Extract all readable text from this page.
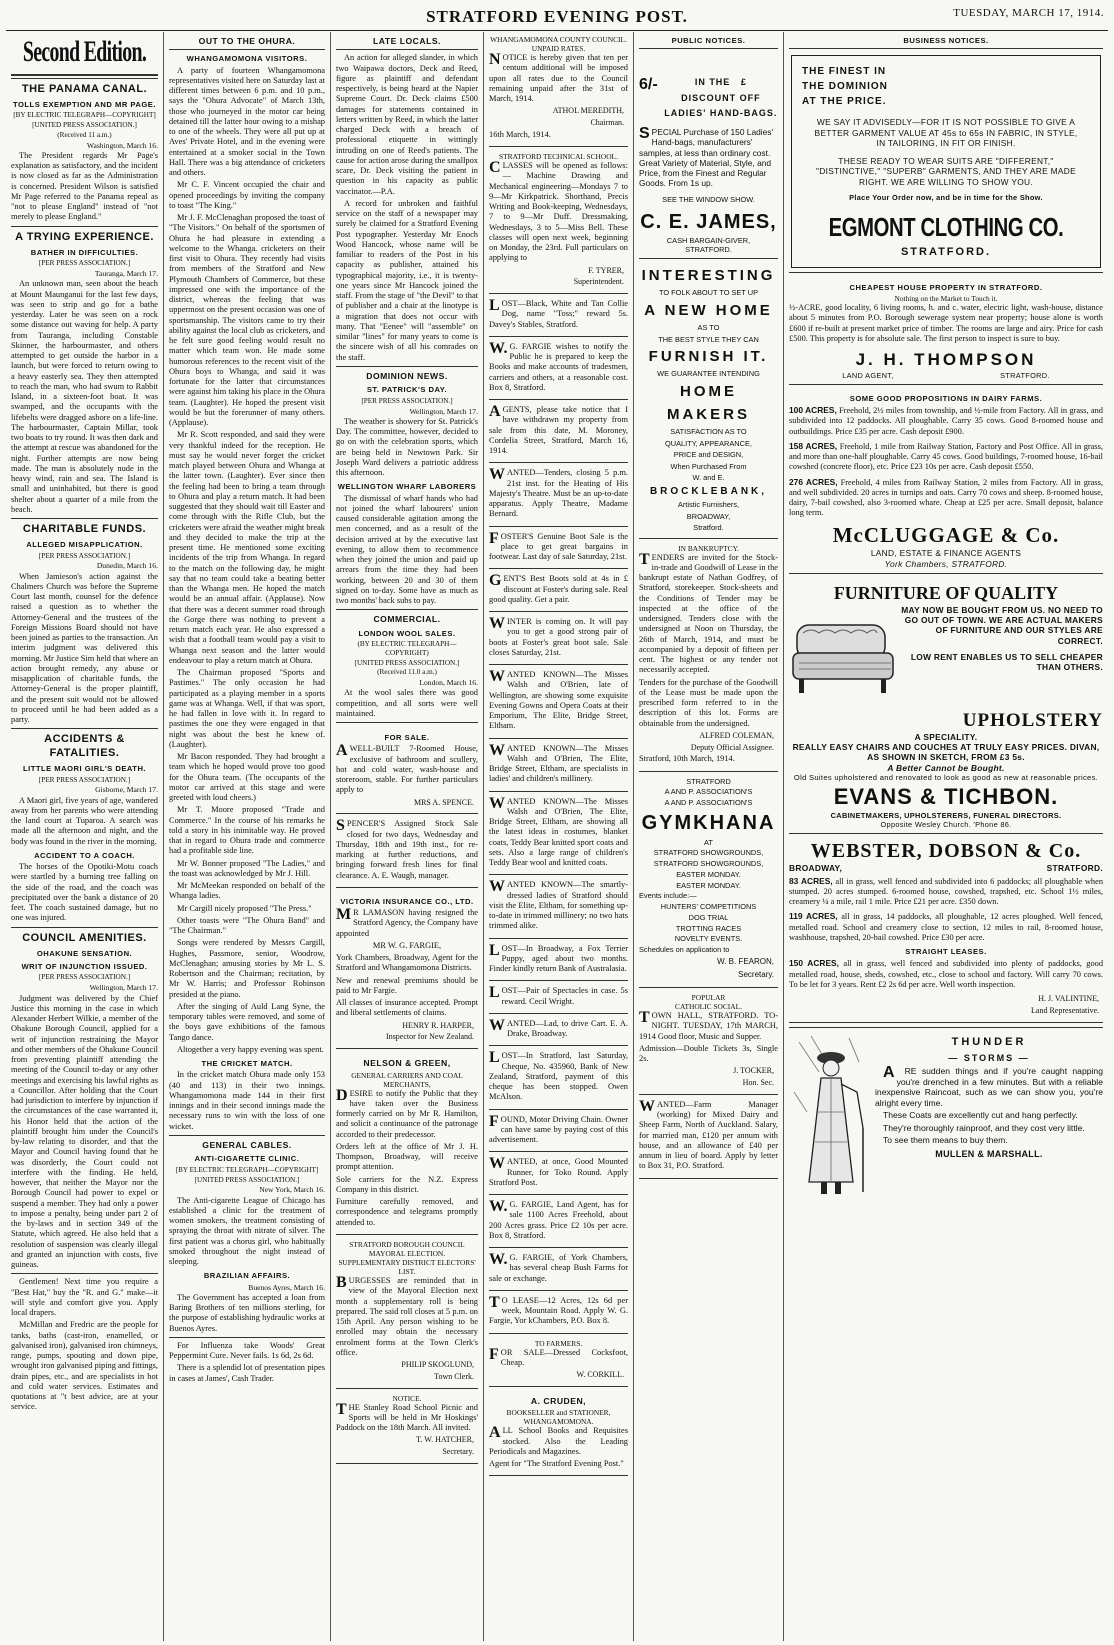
STRATFORD EVENING POST.	TUESDAY, MARCH 17, 1914.
Second Edition.
THE PANAMA CANAL.
TOLLS EXEMPTION AND MR PAGE.
[BY ELECTRIC TELEGRAPH—COPYRIGHT]
[UNITED PRESS ASSOCIATION.]
(Received 11 a.m.)
Washington, March 16.

The President regards Mr Page's explanation as satisfactory, and the incident is now closed as far as the Administration is concerned. President Wilson is satisfied Mr Page referred to the Panama repeal as "not to please England" instead of "not merely to please England."

A TRYING EXPERIENCE.
BATHER IN DIFFICULTIES.
[PER PRESS ASSOCIATION.]
Tauranga, March 17.

An unknown man, seen about the beach at Mount Maunganui for the last few days, was seen to strip and go for a bathe yesterday. Later he was seen on a rock some distance out waving for help. A party from Tauranga, including Constable Skinner, the harbourmaster, and others attempted to get outside the harbor in a launch, but were forced to return owing to a heavy easterly sea. They then attempted to reach the man, who had swum to Rabbit Island, in a sixteen-foot boat. It was swamped, and the occupants with the lifebelts were dragged ashore on a life-line. The harbourmaster, Captain Millar, took two boats to try round. It was then dark and the attempt at rescue was abandoned for the night. Further attempts are now being made. The man is absolutely nude in the heavy wind, rain and sea. The Island is small and uninhabited, but there is good shelter about a quarter of a mile from the beach.

CHARITABLE FUNDS.
ALLEGED MISAPPLICATION.
[PER PRESS ASSOCIATION.]
Dunedin, March 16.

When Jamieson's action against the Chalmers Church was before the Supreme Court last month, counsel for the defence raised a question as to whether the Attorney-General and the trustees of the Foreign Missions Board should not have been joined as parties to the transaction. An interim judgment was delivered this morning. Mr Justice Sim held that where an action brought remedy, any abuse or misapplication of charitable funds, the Attorney-General is the proper plaintiff, and the present suit would not be allowed to proceed until he had been added as a party.

ACCIDENTS & FATALITIES.
LITTLE MAORI GIRL'S DEATH.
[PER PRESS ASSOCIATION.]
Gisborne, March 17.

A Maori girl, five years of age, wandered away from her parents who were attending the land court at Tuparoa. A search was made all the afternoon and night, and the body was found in the river in the morning.

ACCIDENT TO A COACH.

The horses of the Opotiki-Motu coach were startled by a burning tree falling on the side of the road, and the coach was precipitated over the bank a distance of 20 feet. The coach sustained damage, but no one was injured.

COUNCIL AMENITIES.
OHAKUNE SENSATION.
WRIT OF INJUNCTION ISSUED.
[PER PRESS ASSOCIATION.]
Wellington, March 17.

Judgment was delivered by the Chief Justice this morning in the case in which Alexander Herbert Wilkie, a member of the Ohakune Borough Council, applied for a writ of injunction restraining the Mayor and other members of the Ohakune Council from preventing plaintiff attending the meeting of the Council to-day or any other meetings and exercising his lawful rights as a Councillor. After holding that the Court had jurisdiction to interfere by injunction if the circumstances of the case warranted it, his Honor held that the action of the plaintiff brought him under the Council's by-law relating to disorder, and that the Mayor and Council having found that he was disorderly, the Court could not interfere with the finding. He held, however, that neither the Mayor nor the Borough Council had power to expel or suspend a member. They had only a power to impose a penalty, being under part 2 of the by-laws and in section 349 of the Statute, which agreed. He also held that a resolution of suspension was clearly illegal and granted an injunction with costs, five guineas.

Gentlemen! Next time you require a "Best Hat," buy the "R. and G." make—it will style and comfort give you. Apply local drapers.

McMillan and Fredric are the people for tanks, baths (cast-iron, enamelled, or galvanised iron), galvanised iron chimneys, range, pumps, spouting and down pipe, wrought iron galvanised piping and fittings, drain pipes, etc., and are specialists in hot and cold water services. Estimates and quotations at "t best advice, are at your service.

OUT TO THE OHURA.
WHANGAMOMONA VISITORS.

A party of fourteen Whangamomona representatives visited here on Saturday last at different times between 6 p.m. and 10 p.m., says the "Ohura Advocate" of March 13th, those who journeyed in the motor car being detained till the latter hour owing to a mishap to one of the wheels. They were all put up at Aves' Private Hotel, and in the evening were entertained at a smoker social in the Town Hall. There was a big attendance of cricketers and others.

Mr C. F. Vincent occupied the chair and opened proceedings by inviting the company to toast "The King."

Mr J. F. McClenaghan proposed the toast of "The Visitors." On behalf of the sportsmen of Ohura he had pleasure in extending a welcome to the Whanga. cricketers on their first visit to Ohura. They recently had visits from members of the Stratford and New Plymouth Chambers of Commerce, but these impressed one with the importance of the district, whereas the feeling that was uppermost on the present occasion was one of sportsmanship. The visitors came to try their ability against the local club as cricketers, and he felt sure good feeling would result no matter which team won. He made some humorous references to the recent visit of the Ohura boys to Whanga, and said it was fortunate for the latter that circumstances were against him taking his place in the Ohura team. (Laughter). He hoped the present visit would be but the forerunner of many others. (Applause).

Mr R. Scott responded, and said they were very thankful indeed for the reception. He must say he would never forget the cricket match played between Ohura and Whanga at the latter town. (Laughter). Ever since then the feeling had been to bring a team through to Ohura and play a return match. It had been suggested that they should wait till Easter and come through with the Rifle Club, but the cricketers were afraid the weather might break and they decided to make the trip at the present time. He mentioned some exciting incidents of the trip from Whanga. In regard to the match on the following day, he might say that no team could take a beating better than the Whanga men. He hoped the match would be an annual affair. (Applause). Now that there was a decent summer road through the Gorge there was nothing to prevent a return match each year. He also expressed a wish that a football team would pay a visit to Whanga next season and the latter would endeavour to play a return match at Ohura.

The Chairman proposed "Sports and Pastimes." The only occasion he had participated as a playing member in a sports game was at Whanga. Well, if that was sport, he had fallen in love with it. In regard to pastimes the one they were engaged in that night was about the best he knew of. (Laughter).

Mr Bacon responded. They had brought a team which he hoped would prove too good for the Ohura team. (The occupants of the motor car arrived at this stage and were greeted with loud cheers.)

Mr T. Moore proposed "Trade and Commerce." In the course of his remarks he told a story in his inimitable way. He proved that in regard to Ohura trade and commerce had a profitable side line.

Mr W. Bonner proposed "The Ladies," and the toast was acknowledged by Mr J. Hill.

Mr McMeekan responded on behalf of the Whanga ladies.

Mr Cargill nicely proposed "The Press."

Other toasts were "The Ohura Band" and "The Chairman."

Songs were rendered by Messrs Cargill, Hughes, Passmore, senior, Woodrow, McClenaghan; amusing stories by Mr L. S. Robertson and the Chairman; recitation, by Mr W. Harris; and Professor Robinson presided at the piano.

After the singing of Auld Lang Syne, the temporary tables were removed, and some of the boys gave exhibitions of the famous Tango dance.

Altogether a very happy evening was spent.

THE CRICKET MATCH.

In the cricket match Ohura made only 153 (40 and 113) in their two innings. Whangamomona made 144 in their first innings and in their second innings made the necessary runs to win with the loss of one wicket.

GENERAL CABLES.
ANTI-CIGARETTE CLINIC.
[BY ELECTRIC TELEGRAPH—COPYRIGHT]
[UNITED PRESS ASSOCIATION.]
New York, March 16.

The Anti-cigarette League of Chicago has established a clinic for the treatment of women smokers, the treatment consisting of spraying the throat with nitrate of silver. The first patient was a chorus girl, who habitually smoked throughout the night instead of sleeping.

BRAZILIAN AFFAIRS.
Buenos Ayres, March 16.

The Government has accepted a loan from Baring Brothers of ten millions sterling, for the purpose of establishing hydraulic works at Buenos Ayres.

For Influenza take Woods' Great Peppermint Cure. Never fails. 1s 6d, 2s 6d.

There is a splendid lot of presentation pipes in cases at James', Cash Trader.

LATE LOCALS.

An action for alleged slander, in which two Waipawa doctors, Deck and Reed, figure as plaintiff and defendant respectively, is being heard at the Napier Supreme Court. Dr. Deck claims £500 damages for statements contained in letters written by Reed, in which the latter charged Deck with a breach of professional etiquette in wittingly intruding on one of Reed's patients. The cause for action arose during the smallpox scare, Dr. Deck visiting the patient in question in his capacity as public vaccinator.—P.A.

A record for unbroken and faithful service on the staff of a newspaper may surely be claimed for a Stratford Evening Post typographer. Yesterday Mr Enoch Wood Hancock, whose name will be familiar to readers of the Post in his capacity as publisher, attained his typographical majority, i.e., it is twenty-one years since Mr Hancock joined the staff. From the stage of "the Devil" to that of publisher and a chair at the linotype is a migration that does not occur with many. That "Eenee" will "assemble" on similar "lines" for many years to come is the sincere wish of all his comrades on the staff.

DOMINION NEWS.
ST. PATRICK'S DAY.
[PER PRESS ASSOCIATION.]
Wellington, March 17.

The weather is showery for St. Patrick's Day. The committee, however, decided to go on with the celebration sports, which are being held in Newtown Park. Sir Joseph Ward delivers a patriotic address this afternoon.

WELLINGTON WHARF LABORERS

The dismissal of wharf hands who had not joined the wharf labourers' union caused considerable agitation among the men concerned, and as a result of the decision arrived at by the executive last evening, to allow them to recommence when they joined the union and paid up arrears from the time they had been working, between 20 and 30 of them signed on to-day. Some have as much as two months' back subs to pay.

COMMERCIAL.
LONDON WOOL SALES.
(BY ELECTRIC TELEGRAPH—COPYRIGHT)
[UNITED PRESS ASSOCIATION.]
(Received 11.0 a.m.)
London, March 16.

At the wool sales there was good competition, and all sorts were well maintained.

FOR SALE.

AWELL-BUILT 7-Roomed House, exclusive of bathroom and scullery, hot and cold water, wash-house and storeroom, stable. For further particulars apply to

MRS A. SPENCE.

SPENCER'S Assigned Stock Sale closed for two days, Wednesday and Thursday, 18th and 19th inst., for re-marking at further reductions, and bringing forward fresh lines for final clearance. A. E. Waugh, manager.

VICTORIA INSURANCE CO., LTD.

MR LAMASON having resigned the Stratford Agency, the Company have appointed

MR W. G. FARGIE,

York Chambers, Broadway, Agent for the Stratford and Whangamomona Districts.

New and renewal premiums should be paid to Mr Fargie.

All classes of insurance accepted. Prompt and liberal settlements of claims.

HENRY R. HARPER,
Inspector for New Zealand.
NELSON & GREEN,
GENERAL CARRIERS AND COAL MERCHANTS,

DESIRE to notify the Public that they have taken over the Business formerly carried on by Mr R. Hamilton, and solicit a continuance of the patronage accorded to their predecessor.

Orders left at the office of Mr J. H. Thompson, Broadway, will receive prompt attention.

Sole carriers for the N.Z. Express Company in this district.

Furniture carefully removed, and correspondence and telegrams promptly attended to.

STRATFORD BOROUGH COUNCIL
MAYORAL ELECTION.
SUPPLEMENTARY DISTRICT ELECTORS' LIST.

BURGESSES are reminded that in view of the Mayoral Election next month a supplementary roll is being prepared. The said roll closes at 5 p.m. on 15th April. Any person wishing to be enrolled may obtain the necessary enrolment forms at the Town Clerk's office.

PHILIP SKOGLUND,
Town Clerk.
NOTICE.

THE Stanley Road School Picnic and Sports will be held in Mr Hoskings' Paddock on the 18th March. All invited.

T. W. HATCHER,
Secretary.
WHANGAMOMONA COUNTY COUNCIL.
UNPAID RATES.

NOTICE is hereby given that ten per centum additional will be imposed upon all rates due to the Council remaining unpaid after the 31st of March, 1914.

ATHOL MEREDITH,
Chairman.

16th March, 1914.

STRATFORD TECHNICAL SCHOOL.

CLASSES will be opened as follows:— Machine Drawing and Mechanical engineering—Mondays 7 to 9—Mr Kirkpatrick. Shorthand, Precis Writing and Book-keeping, Wednesdays, 7 to 9—Mr Duff. Dressmaking, Wednesdays, 3 to 5—Miss Bell. These classes will open next week, beginning on Monday, the 23rd. Full particulars on applying to

F. TYRER,
Superintendent.

LOST—Black, White and Tan Collie Dog, name "Toss;" reward 5s. Davey's Stables, Stratford.

W.G. FARGIE wishes to notify the Public he is prepared to keep the Books and make accounts of tradesmen, carriers and others, at a reasonable cost. Box 8, Stratford.

AGENTS, please take notice that I have withdrawn my property from sale from this date, M. Moroney, Cordelia Street, Stratford, March 16, 1914.

WANTED—Tenders, closing 5 p.m. 21st inst. for the Heating of His Majesty's Theatre. Must be an up-to-date apparatus. Apply Theatre, Madame Bernard.

FOSTER'S Genuine Boot Sale is the place to get great bargains in footwear. Last day of sale Saturday, 21st.

GENT'S Best Boots sold at 4s in £ discount at Foster's during sale. Real good quality. Get a pair.

WINTER is coming on. It will pay you to get a good strong pair of boots at Foster's great boot sale. Sale closes Saturday, 21st.

WANTED KNOWN—The Misses Walsh and O'Brien, late of Wellington, are showing some exquisite Evening Gowns and Opera Coats at their Emporium, The Elite, Bridge Street, Eltham.

WANTED KNOWN—The Misses Walsh and O'Brien, The Elite, Bridge Street, Eltham, are specialists in ladies' and children's millinery.

WANTED KNOWN—The Misses Walsh and O'Brien, The Elite, Bridge Street, Eltham, are showing all the latest ideas in costumes, blanket coats, Teddy Bear knitted sport coats and sets. Also a large range of children's Teddy Bear wool and knitted coats.

WANTED KNOWN—The smartly-dressed ladies of Stratford should visit the Elite, Eltham, for something up-to-date in trimmed millinery; no two hats trimmed alike.

LOST—In Broadway, a Fox Terrier Puppy, aged about two months. Finder kindly return Bank of Australasia.

LOST—Pair of Spectacles in case. 5s reward. Cecil Wright.

WANTED—Lad, to drive Cart. E. A. Drake, Broadway.

LOST—In Stratford, last Saturday, Cheque, No. 435960, Bank of New Zealand, Stratford, payment of this cheque has been stopped. Owen McAlson.

FOUND, Motor Driving Chain. Owner can have same by paying cost of this advertisement.

WANTED, at once, Good Mounted Runner, for Toko Round. Apply Stratford Post.

W.G. FARGIE, Land Agent, has for sale 1100 Acres Freehold, about 200 Acres grass. Price £2 10s per acre. Box 8, Stratford.

W.G. FARGIE, of York Chambers, has several cheap Bush Farms for sale or exchange.

TO LEASE—12 Acres, 12s 6d per week, Mountain Road. Apply W. G. Fargie, Yor kChambers, P.O. Box 8.

TO FARMERS.

FOR SALE—Dressed Cocksfoot, Cheap.

W. CORKILL.
A. CRUDEN,
BOOKSELLER and STATIONER,
WHANGAMOMONA.

ALL School Books and Requisites stocked. Also the Leading Periodicals and Magazines.

Agent for "The Stratford Evening Post."

PUBLIC NOTICES.
6/-	IN THE £
DISCOUNT OFF
LADIES' HAND-BAGS.

SPECIAL Purchase of 150 Ladies' Hand-bags, manufacturers' samples, at less than ordinary cost. Great Variety of Material, Style, and Price, from the Finest and Regular Goods. From 1s up.

SEE THE WINDOW SHOW.
C. E. JAMES,
CASH BARGAIN-GIVER,
STRATFORD.
INTERESTING
TO FOLK ABOUT TO SET UP
A NEW HOME
AS TO
THE BEST STYLE THEY CAN
FURNISH IT.
WE GUARANTEE INTENDING
HOME MAKERS
SATISFACTION AS TO
QUALITY, APPEARANCE,
PRICE and DESIGN,
When Purchased From
W. and E.
BROCKLEBANK,
Artistic Furnishers,
BROADWAY,
Stratford.
IN BANKRUPTCY.

TENDERS are invited for the Stock-in-trade and Goodwill of Lease in the bankrupt estate of Nathan Godfrey, of Stratford, storekeeper. Stock-sheets and the Conditions of Tender may be inspected at the office of the undersigned. Tenders close with the undersigned at Noon on Thursday, the 26th of March, 1914, and must be accompanied by a deposit of fifteen per cent. The highest or any tender not necessarily accepted.

Tenders for the purchase of the Goodwill of the Lease must be made upon the prescribed form referred to in the description of this lot. Forms are obtainable from the undersigned.

ALFRED COLEMAN,
Deputy Official Assignee.

Stratford, 10th March, 1914.

STRATFORD
A AND P. ASSOCIATION'S
A AND P. ASSOCIATION'S
GYMKHANA
AT
STRATFORD SHOWGROUNDS,
STRATFORD SHOWGROUNDS,
EASTER MONDAY.
EASTER MONDAY.
Events include:—
HUNTERS' COMPETITIONS
DOG TRIAL
TROTTING RACES
NOVELTY EVENTS.
Schedules on application to
W. B. FEARON,
Secretary.
POPULAR
CATHOLIC SOCIAL.

TOWN HALL, STRATFORD. TO-NIGHT. TUESDAY, 17th MARCH, 1914 Good floor, Music and Supper.

Admission—Double Tickets 3s, Single 2s.

J. TOCKER,
Hon. Sec.

WANTED—Farm Manager (working) for Mixed Dairy and Sheep Farm, North of Auckland. Salary, for married man, £120 per annum with house, and an allowance of £40 per annum in lieu of board. Apply by letter to Box 31, P.O. Stratford.

BUSINESS NOTICES.
THE FINEST IN
THE DOMINION
AT THE PRICE.
WE SAY IT ADVISEDLY—FOR IT IS NOT POSSIBLE TO GIVE A BETTER GARMENT VALUE AT 45s to 65s IN FABRIC, IN STYLE, IN TAILORING, IN FIT OR FINISH.
THESE READY TO WEAR SUITS ARE "DIFFERENT," "DISTINCTIVE," "SUPERB" GARMENTS, AND THEY ARE MADE RIGHT. WE ARE WILLING TO SHOW YOU.
Place Your Order now, and be in time for the Show.
EGMONT CLOTHING CO.
STRATFORD.
CHEAPEST HOUSE PROPERTY IN STRATFORD.
Nothing on the Market to Touch it.

½-ACRE, good locality, 6 living rooms, h. and c. water, electric light, wash-house, distance about 5 minutes from P.O. Borough sewerage system near property; house alone is worth £600 if re-built at present market price of timber. The rooms are large and airy. Price for cash £500. This property is for absolute sale. The first person to inspect is sure to buy.

J. H. THOMPSON
LAND AGENT,	STRATFORD.
SOME GOOD PROPOSITIONS IN DAIRY FARMS.

100 ACRES, Freehold, 2½ miles from township, and ½-mile from Factory. All in grass, and subdivided into 12 paddocks. All ploughable. Carry 35 cows. Good 8-roomed house and outbuildings. Price £35 per acre. Cash deposit £900.

158 ACRES, Freehold, 1 mile from Railway Station, Factory and Post Office. All in grass, and more than one-half ploughable. Carry 45 cows. Good buildings, 7-roomed house, 16-bail cowshed (concrete floor), etc. Price £23 10s per acre. Cash deposit £550.

276 ACRES, Freehold, 4 miles from Railway Station, 2 miles from Factory. All in grass, and well subdivided. 20 acres in turnips and oats. Carry 70 cows and sheep. 8-roomed house, dairy, 7-bail cowshed, also 3-roomed whare. Cheap at £25 per acre. Small deposit, balance long term.

McCLUGGAGE & Co.
LAND, ESTATE & FINANCE AGENTS
York Chambers, STRATFORD.
FURNITURE OF QUALITY
MAY NOW BE BOUGHT FROM US. NO NEED TO GO OUT OF TOWN. WE ARE ACTUAL MAKERS OF FURNITURE AND OUR STYLES ARE CORRECT.
LOW RENT ENABLES US TO SELL CHEAPER THAN OTHERS.
UPHOLSTERY
A SPECIALITY.
REALLY EASY CHAIRS AND COUCHES AT TRULY EASY PRICES. DIVAN, AS SHOWN IN SKETCH, FROM £3 5s.
A Better Cannot be Bought.
Old Suites upholstered and renovated to look as good as new at reasonable prices.
EVANS & TICHBON.
CABINETMAKERS, UPHOLSTERERS, FUNERAL DIRECTORS.
Opposite Wesley Church. 'Phone 86.
WEBSTER, DOBSON & Co.
BROADWAY,	STRATFORD.

83 ACRES, all in grass, well fenced and subdivided into 6 paddocks; all ploughable when stumped. 20 acres stumped. 6-roomed house, cowshed, trapshed, etc. School 1½ miles, creamery ¼ a mile, rail 1 mile. Price £21 per acre. £350 down.

119 ACRES, all in grass, 14 paddocks, all ploughable, 12 acres ploughed. Well fenced, metalled road. School and creamery close to section, 12 miles to rail, 8-roomed house, washhouse, trapshed, 20-bail cowshed. Price £30 per acre.

STRAIGHT LEASES.

150 ACRES, all in grass, well fenced and subdivided into plenty of paddocks, good metalled road, house, sheds, cowshed, etc., close to school and factory. Will carry 70 cows. To be let for 3 years. Rent £2 2s 6d per acre. Well worth inspection.

H. J. VALINTINE,
Land Representative.
THUNDER
— STORMS —

ARE sudden things and if you're caught napping you're drenched in a few minutes. But with a reliable inexpensive Raincoat, such as we can show you, you're alright every time.

These Coats are excellently cut and hang perfectly.

They're thoroughly rainproof, and they cost very little.

To see them means to buy them.

MULLEN & MARSHALL.
